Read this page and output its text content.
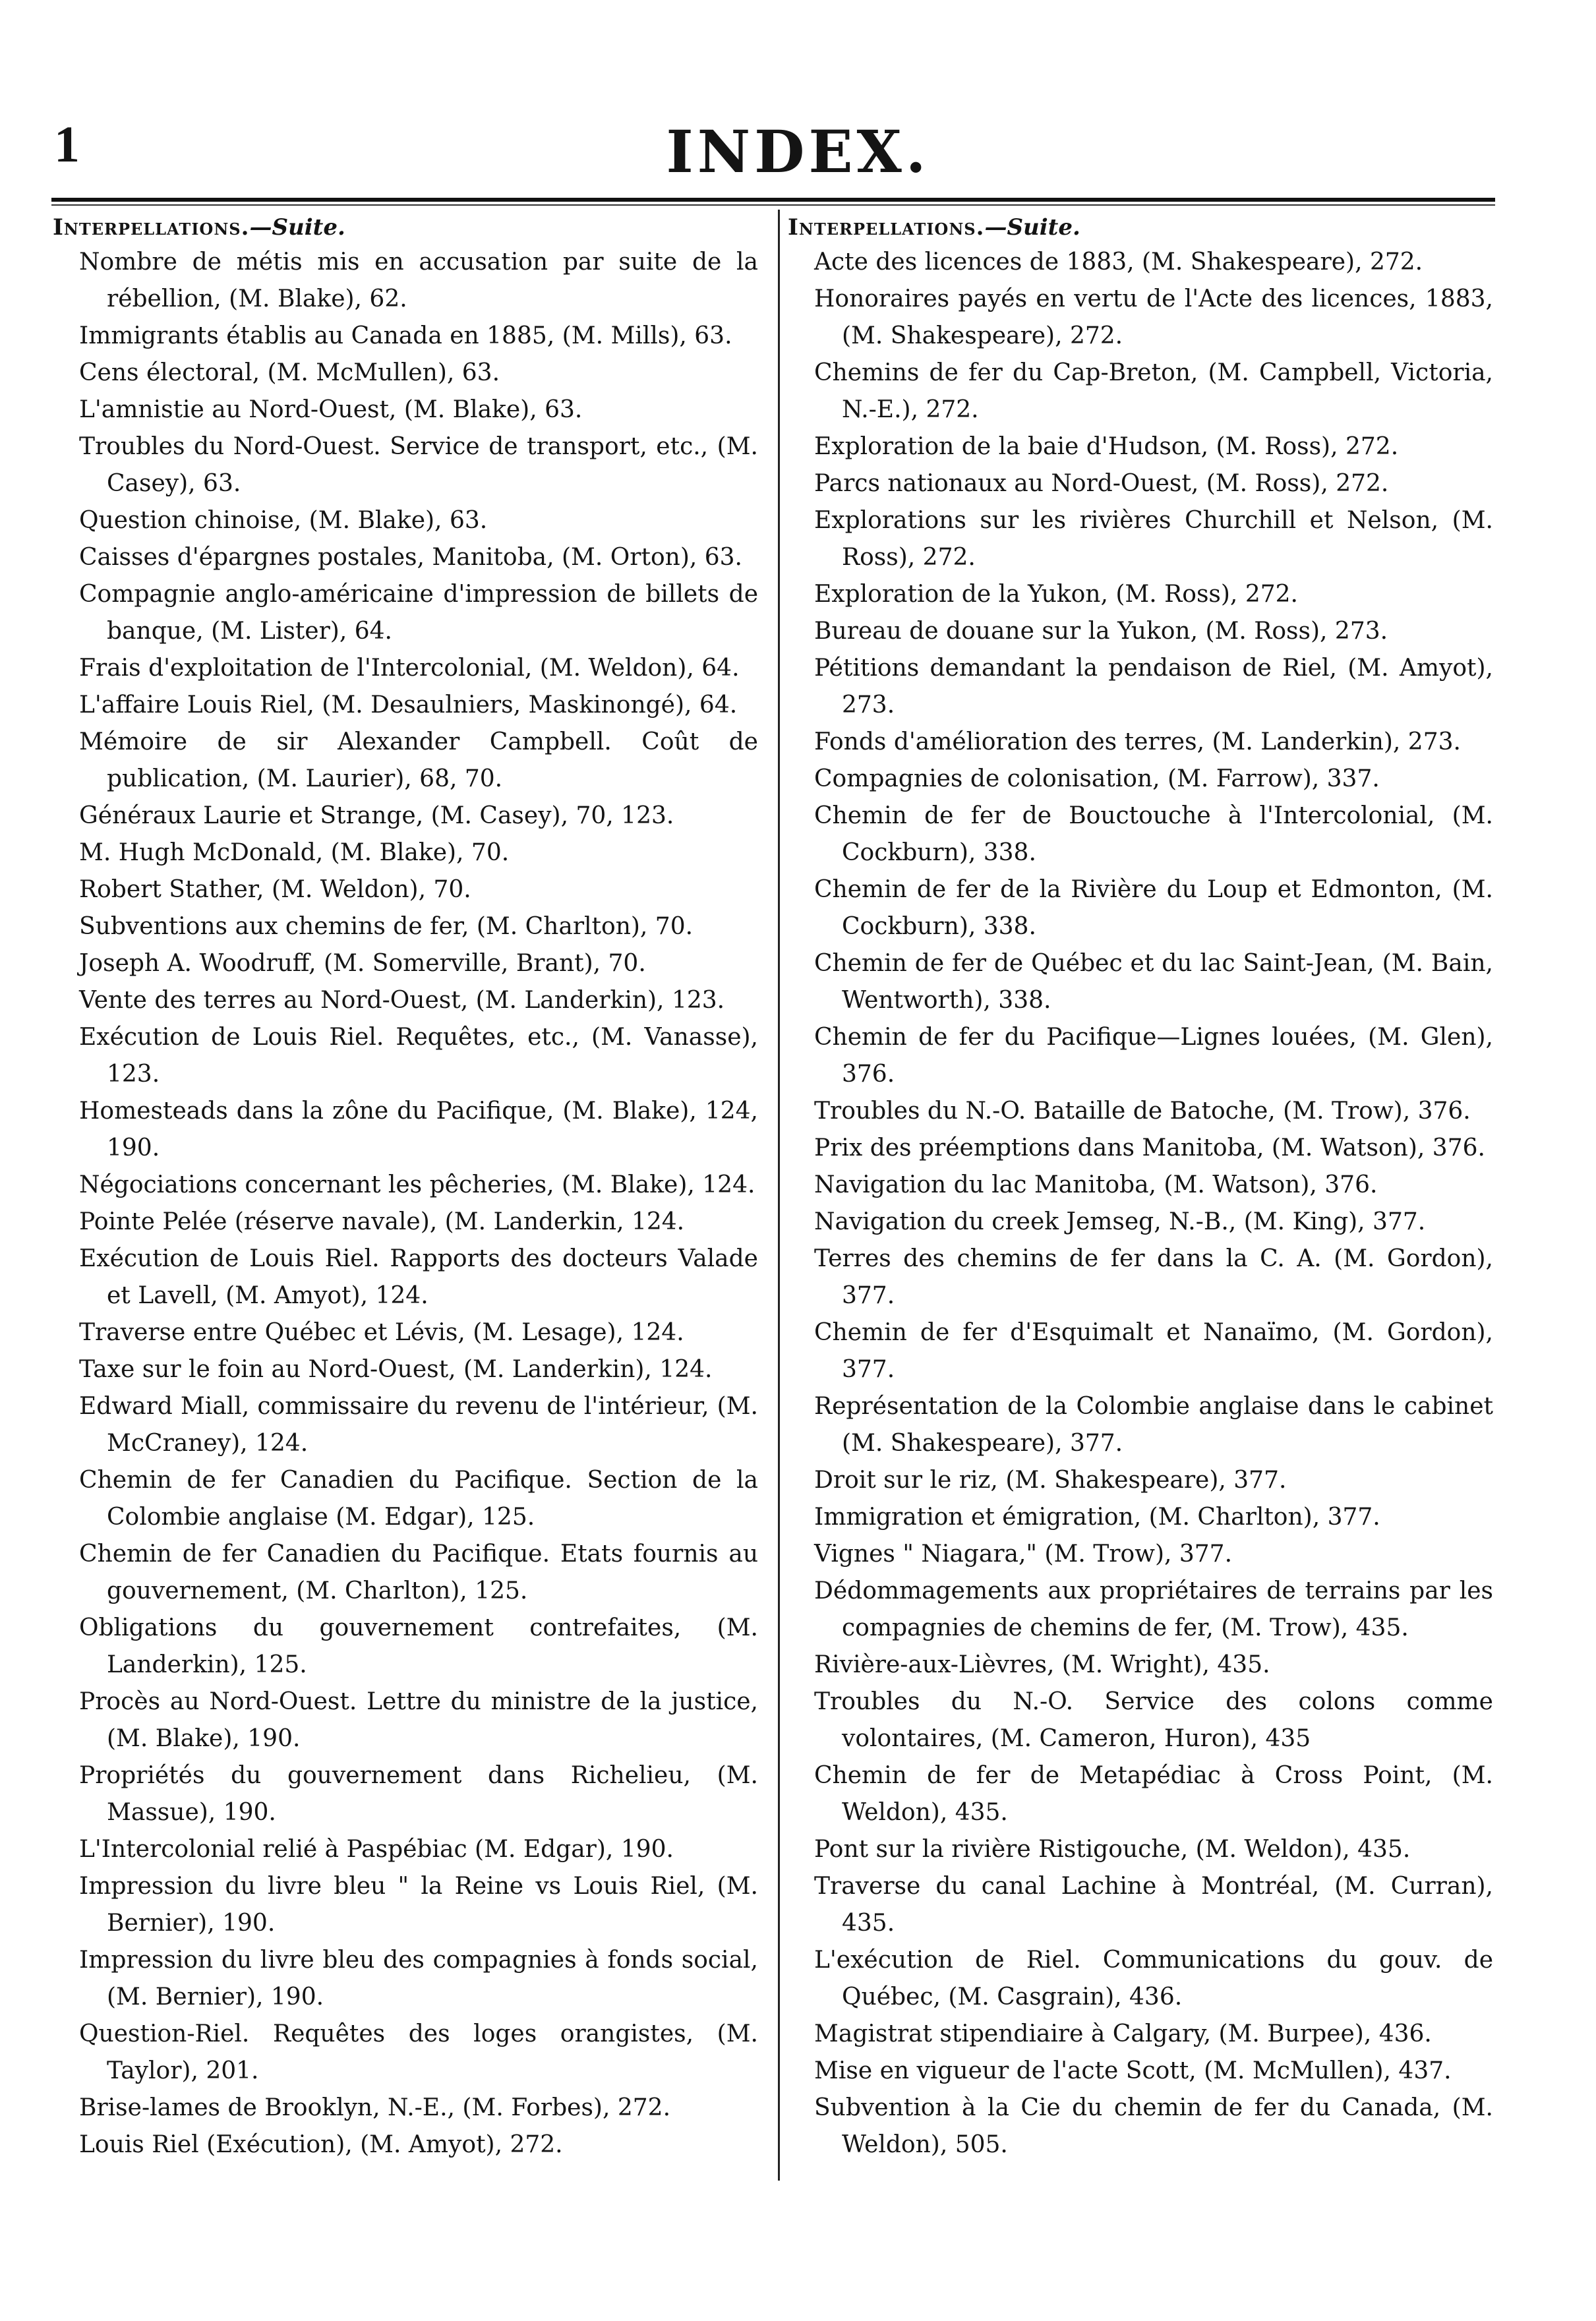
1	INDEX.
Interpellations.—Suite.
Nombre de métis mis en accusation par suite de la rébellion, (M. Blake), 62.
Immigrants établis au Canada en 1885, (M. Mills), 63.
Cens électoral, (M. McMullen), 63.
L'amnistie au Nord-Ouest, (M. Blake), 63.
Troubles du Nord-Ouest. Service de transport, etc., (M. Casey), 63.
Question chinoise, (M. Blake), 63.
Caisses d'épargnes postales, Manitoba, (M. Orton), 63.
Compagnie anglo-américaine d'impression de billets de banque, (M. Lister), 64.
Frais d'exploitation de l'Intercolonial, (M. Weldon), 64.
L'affaire Louis Riel, (M. Desaulniers, Maskinongé), 64.
Mémoire de sir Alexander Campbell. Coût de publication, (M. Laurier), 68, 70.
Généraux Laurie et Strange, (M. Casey), 70, 123.
M. Hugh McDonald, (M. Blake), 70.
Robert Stather, (M. Weldon), 70.
Subventions aux chemins de fer, (M. Charlton), 70.
Joseph A. Woodruff, (M. Somerville, Brant), 70.
Vente des terres au Nord-Ouest, (M. Landerkin), 123.
Exécution de Louis Riel. Requêtes, etc., (M. Vanasse), 123.
Homesteads dans la zône du Pacifique, (M. Blake), 124, 190.
Négociations concernant les pêcheries, (M. Blake), 124.
Pointe Pelée (réserve navale), (M. Landerkin, 124.
Exécution de Louis Riel. Rapports des docteurs Valade et Lavell, (M. Amyot), 124.
Traverse entre Québec et Lévis, (M. Lesage), 124.
Taxe sur le foin au Nord-Ouest, (M. Landerkin), 124.
Edward Miall, commissaire du revenu de l'intérieur, (M. McCraney), 124.
Chemin de fer Canadien du Pacifique. Section de la Colombie anglaise (M. Edgar), 125.
Chemin de fer Canadien du Pacifique. Etats fournis au gouvernement, (M. Charlton), 125.
Obligations du gouvernement contrefaites, (M. Landerkin), 125.
Procès au Nord-Ouest. Lettre du ministre de la justice, (M. Blake), 190.
Propriétés du gouvernement dans Richelieu, (M. Massue), 190.
L'Intercolonial relié à Paspébiac (M. Edgar), 190.
Impression du livre bleu " la Reine vs Louis Riel, (M. Bernier), 190.
Impression du livre bleu des compagnies à fonds social, (M. Bernier), 190.
Question-Riel. Requêtes des loges orangistes, (M. Taylor), 201.
Brise-lames de Brooklyn, N.-E., (M. Forbes), 272.
Louis Riel (Exécution), (M. Amyot), 272.
Interpellations.—Suite.
Acte des licences de 1883, (M. Shakespeare), 272.
Honoraires payés en vertu de l'Acte des licences, 1883, (M. Shakespeare), 272.
Chemins de fer du Cap-Breton, (M. Campbell, Victoria, N.-E.), 272.
Exploration de la baie d'Hudson, (M. Ross), 272.
Parcs nationaux au Nord-Ouest, (M. Ross), 272.
Explorations sur les rivières Churchill et Nelson, (M. Ross), 272.
Exploration de la Yukon, (M. Ross), 272.
Bureau de douane sur la Yukon, (M. Ross), 273.
Pétitions demandant la pendaison de Riel, (M. Amyot), 273.
Fonds d'amélioration des terres, (M. Landerkin), 273.
Compagnies de colonisation, (M. Farrow), 337.
Chemin de fer de Bouctouche à l'Intercolonial, (M. Cockburn), 338.
Chemin de fer de la Rivière du Loup et Edmonton, (M. Cockburn), 338.
Chemin de fer de Québec et du lac Saint-Jean, (M. Bain, Wentworth), 338.
Chemin de fer du Pacifique—Lignes louées, (M. Glen), 376.
Troubles du N.-O. Bataille de Batoche, (M. Trow), 376.
Prix des préemptions dans Manitoba, (M. Watson), 376.
Navigation du lac Manitoba, (M. Watson), 376.
Navigation du creek Jemseg, N.-B., (M. King), 377.
Terres des chemins de fer dans la C. A. (M. Gordon), 377.
Chemin de fer d'Esquimalt et Nanaïmo, (M. Gordon), 377.
Représentation de la Colombie anglaise dans le cabinet (M. Shakespeare), 377.
Droit sur le riz, (M. Shakespeare), 377.
Immigration et émigration, (M. Charlton), 377.
Vignes " Niagara," (M. Trow), 377.
Dédommagements aux propriétaires de terrains par les compagnies de chemins de fer, (M. Trow), 435.
Rivière-aux-Lièvres, (M. Wright), 435.
Troubles du N.-O. Service des colons comme volontaires, (M. Cameron, Huron), 435
Chemin de fer de Metapédiac à Cross Point, (M. Weldon), 435.
Pont sur la rivière Ristigouche, (M. Weldon), 435.
Traverse du canal Lachine à Montréal, (M. Curran), 435.
L'exécution de Riel. Communications du gouv. de Québec, (M. Casgrain), 436.
Magistrat stipendiaire à Calgary, (M. Burpee), 436.
Mise en vigueur de l'acte Scott, (M. McMullen), 437.
Subvention à la Cie du chemin de fer du Canada, (M. Weldon), 505.
